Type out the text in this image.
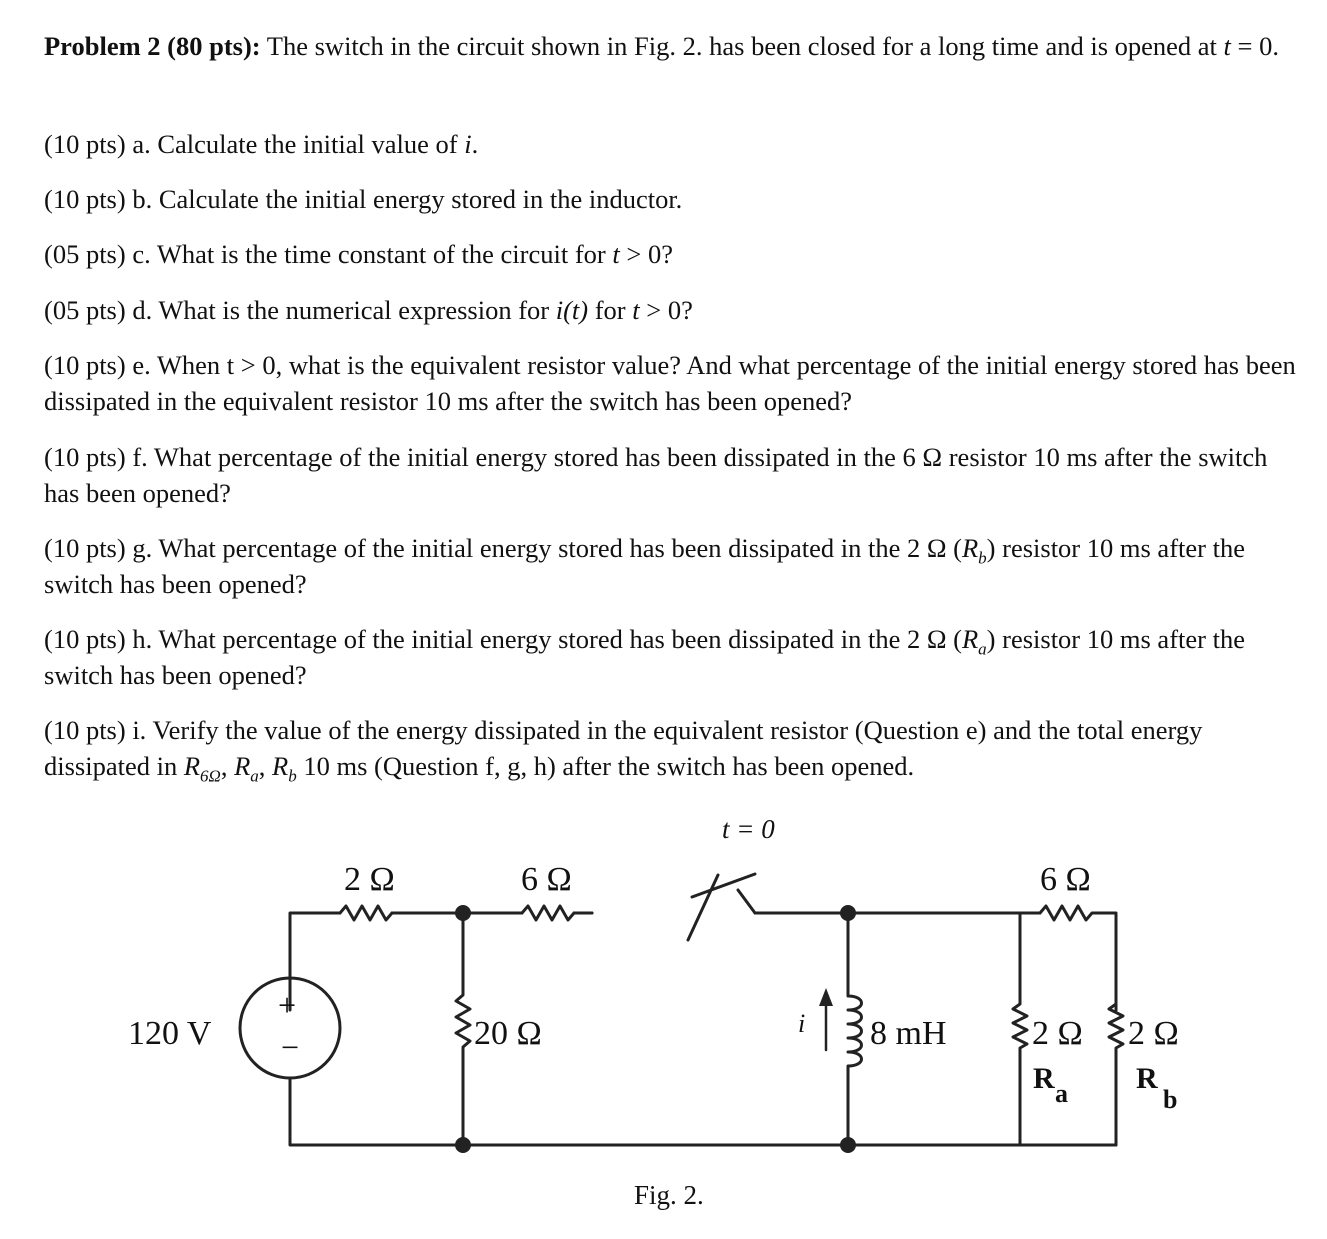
Problem 2 (80 pts): The switch in the circuit shown in Fig. 2. has been closed for a long time and is opened at t = 0.

(10 pts) a. Calculate the initial value of i.

(10 pts) b. Calculate the initial energy stored in the inductor.

(05 pts) c. What is the time constant of the circuit for t > 0?

(05 pts) d. What is the numerical expression for i(t) for t > 0?

(10 pts) e. When t > 0, what is the equivalent resistor value? And what percentage of the initial energy stored has been dissipated in the equivalent resistor 10 ms after the switch has been opened?

(10 pts) f. What percentage of the initial energy stored has been dissipated in the 6 Ω resistor 10 ms after the switch has been opened?

(10 pts) g. What percentage of the initial energy stored has been dissipated in the 2 Ω $(R_b)$ resistor 10 ms after the switch has been opened?

(10 pts) h. What percentage of the initial energy stored has been dissipated in the 2 Ω $(R_a)$ resistor 10 ms after the switch has been opened?

(10 pts) i. Verify the value of the energy dissipated in the equivalent resistor (Question e) and the total energy dissipated in $R_{6\Omega}$, $R_a$, $R_b$ 10 ms (Question f, g, h) after the switch has been opened.

t = 0
2 Ω	6 Ω	6 Ω
120 V
+
−	20 Ω	i 8 mH	2 Ω 2 Ω
R a R
b
Fig. 2.
